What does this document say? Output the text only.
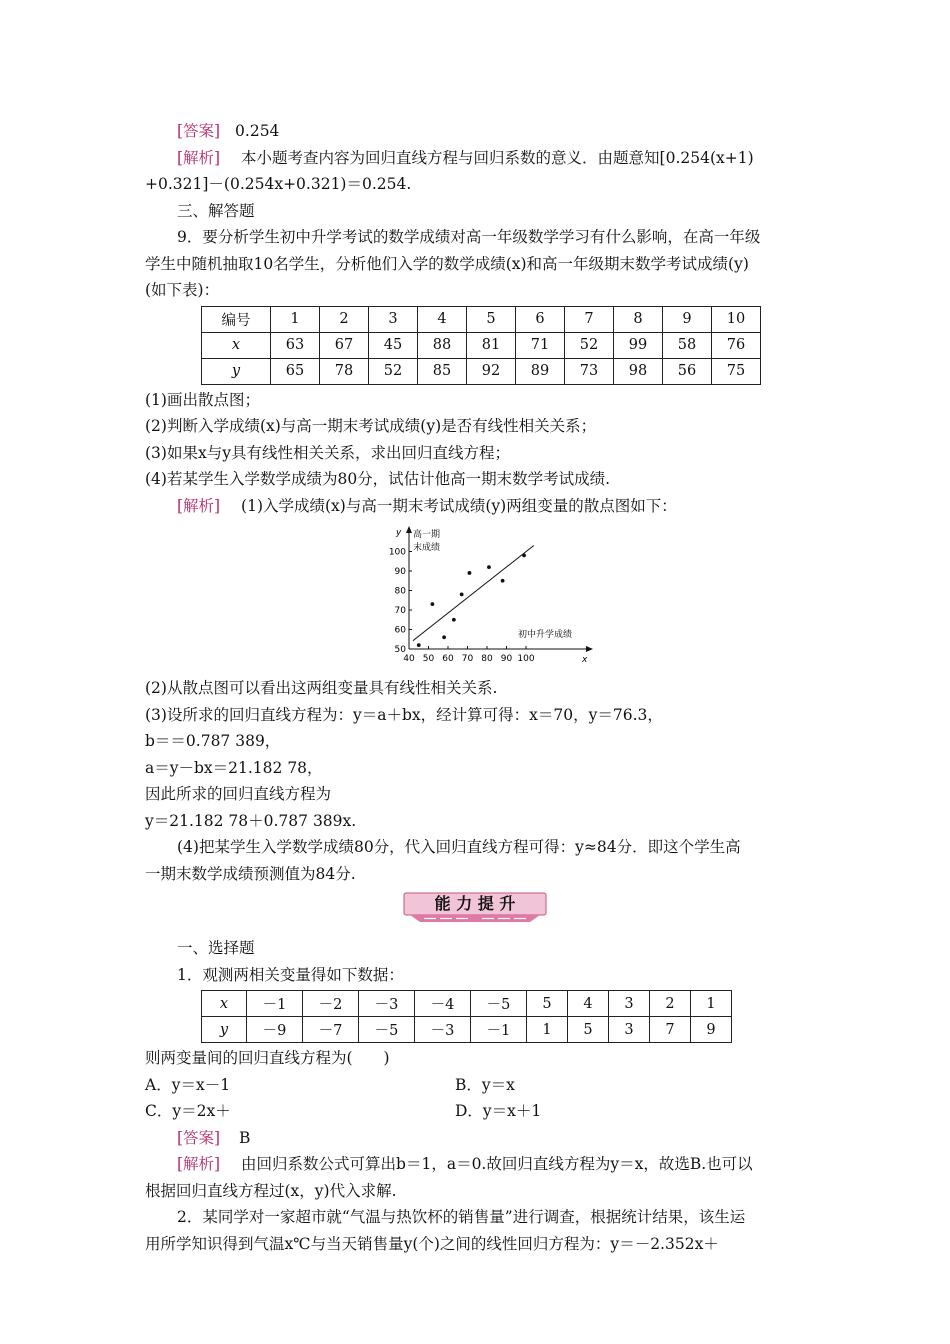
[答案] 0.254
[解析] 本小题考查内容为回归直线方程与回归系数的意义．由题意知[0.254(x+1)
+0.321]－(0.254x+0.321)＝0.254.
三、解答题
9．要分析学生初中升学考试的数学成绩对高一年级数学学习有什么影响，在高一年级
学生中随机抽取10名学生，分析他们入学的数学成绩(x)和高一年级期末数学考试成绩(y)
(如下表)：
编号	1	2	3	4	5	6	7	8	9	10
x	63	67	45	88	81	71	52	99	58	76
y	65	78	52	85	92	89	73	98	56	75
(1)画出散点图；
(2)判断入学成绩(x)与高一期末考试成绩(y)是否有线性相关关系；
(3)如果x与y具有线性相关关系，求出回归直线方程；
(4)若某学生入学数学成绩为80分，试估计他高一期末数学考试成绩.
[解析] (1)入学成绩(x)与高一期末考试成绩(y)两组变量的散点图如下：
y 高一期
末成绩
x
初中升学成绩
40 50 60 70 80 90 100
50
60
70
80
90
100
(2)从散点图可以看出这两组变量具有线性相关关系.
(3)设所求的回归直线方程为：y＝a＋bx，经计算可得：x＝70，y＝76.3，
b＝＝0.787 389，
a＝y－bx＝21.182 78，
因此所求的回归直线方程为
y＝21.182 78＋0.787 389x.
(4)把某学生入学数学成绩80分，代入回归直线方程可得：y≈84分．即这个学生高
一期末数学成绩预测值为84分.
能 力 提 升
一、选择题
1．观测两相关变量得如下数据：
x	－1	－2	－3	－4	－5	5	4	3	2	1
y	－9	－7	－5	－3	－1	1	5	3	7	9
则两变量间的回归直线方程为(　　)
A．y＝x－1	B．y＝x
C．y＝2x＋	D．y＝x＋1
[答案] B
[解析] 由回归系数公式可算出b＝1，a＝0.故回归直线方程为y＝x，故选B.也可以
根据回归直线方程过(x，y)代入求解.
2．某同学对一家超市就“气温与热饮杯的销售量”进行调查，根据统计结果，该生运
用所学知识得到气温x℃与当天销售量y(个)之间的线性回归方程为：y＝－2.352x＋
